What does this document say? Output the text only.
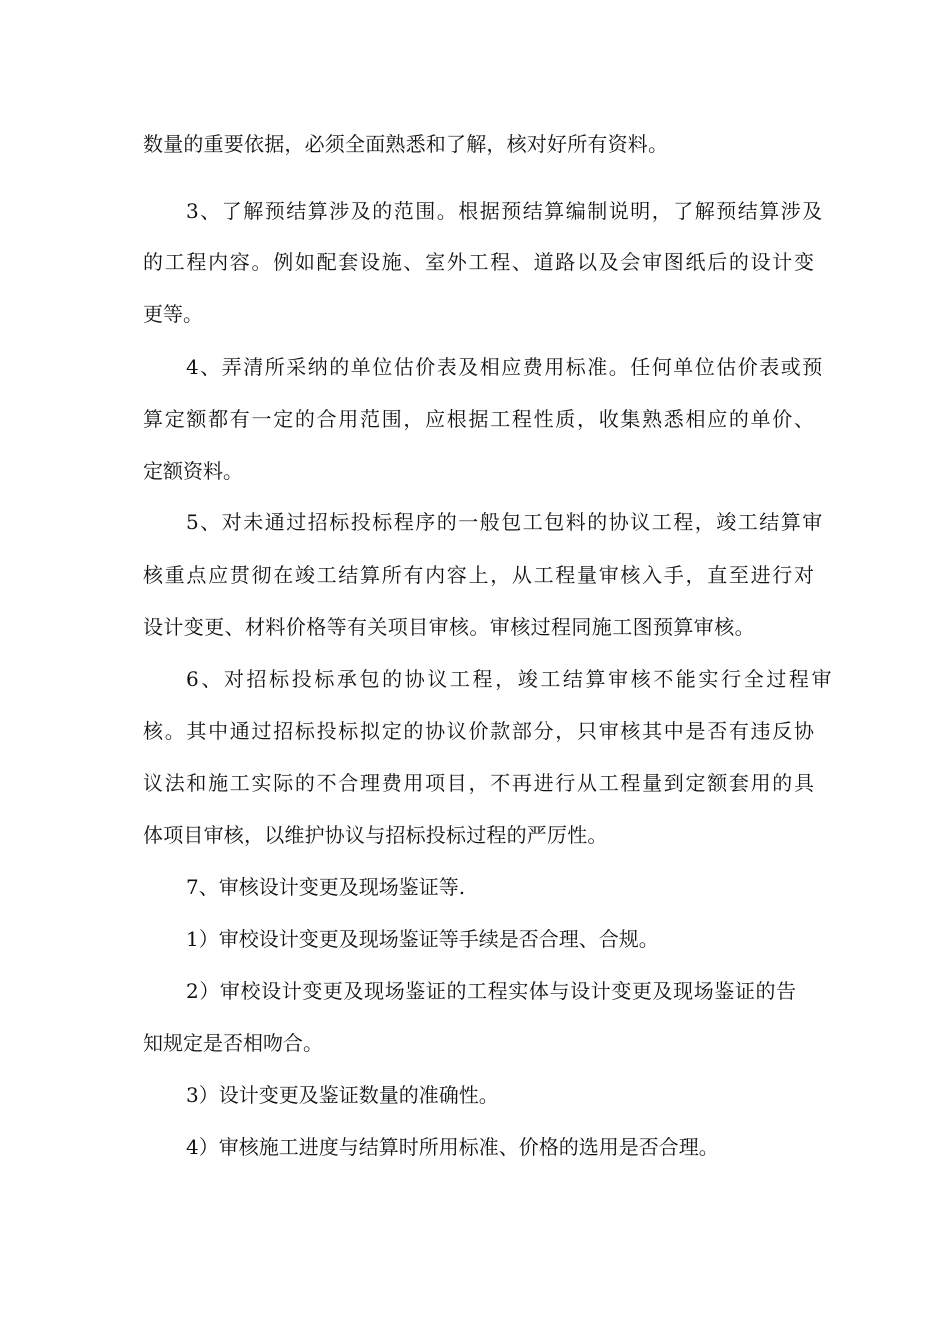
数量的重要依据，必须全面熟悉和了解，核对好所有资料。
3、了解预结算涉及的范围。根据预结算编制说明，了解预结算涉及
的工程内容。例如配套设施、室外工程、道路以及会审图纸后的设计变
更等。
4、弄清所采纳的单位估价表及相应费用标准。任何单位估价表或预
算定额都有一定的合用范围，应根据工程性质，收集熟悉相应的单价、
定额资料。
5、对未通过招标投标程序的一般包工包料的协议工程，竣工结算审
核重点应贯彻在竣工结算所有内容上，从工程量审核入手，直至进行对
设计变更、材料价格等有关项目审核。审核过程同施工图预算审核。
6、对招标投标承包的协议工程，竣工结算审核不能实行全过程审
核。其中通过招标投标拟定的协议价款部分，只审核其中是否有违反协
议法和施工实际的不合理费用项目，不再进行从工程量到定额套用的具
体项目审核，以维护协议与招标投标过程的严厉性。
7、审核设计变更及现场鉴证等.
1）审校设计变更及现场鉴证等手续是否合理、合规。
2）审校设计变更及现场鉴证的工程实体与设计变更及现场鉴证的告
知规定是否相吻合。
3）设计变更及鉴证数量的准确性。
4）审核施工进度与结算时所用标准、价格的选用是否合理。
